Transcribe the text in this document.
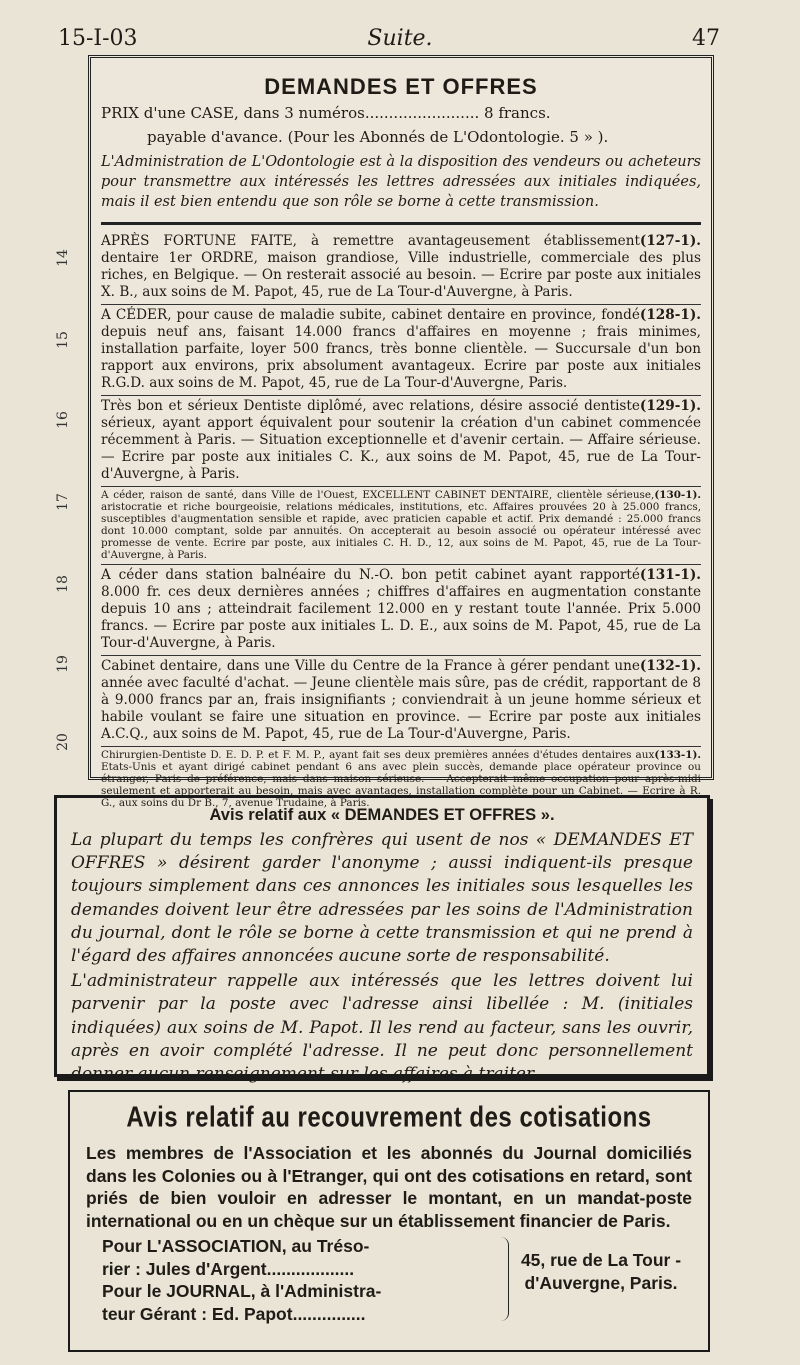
15-I-03	Suite.	47
14
15
16
17
18
19
20
DEMANDES ET OFFRES
PRIX d'une CASE, dans 3 numéros........................ 8 francs.
payable d'avance. (Pour les Abonnés de L'Odontologie. 5 » ).
L'Administration de L'Odontologie est à la disposition des vendeurs ou acheteurs pour transmettre aux intéressés les lettres adressées aux initiales indiquées, mais il est bien entendu que son rôle se borne à cette transmission.
(127-1).
APRÈS FORTUNE FAITE, à remettre avantageusement établissement dentaire 1er ORDRE, maison grandiose, Ville industrielle, commerciale des plus riches, en Belgique. — On resterait associé au besoin. — Ecrire par poste aux initiales X. B., aux soins de M. Papot, 45, rue de La Tour-d'Auvergne, à Paris.
(128-1).
A CÉDER, pour cause de maladie subite, cabinet dentaire en province, fondé depuis neuf ans, faisant 14.000 francs d'affaires en moyenne ; frais minimes, installation parfaite, loyer 500 francs, très bonne clientèle. — Succursale d'un bon rapport aux environs, prix absolument avantageux. Ecrire par poste aux initiales R.G.D. aux soins de M. Papot, 45, rue de La Tour-d'Auvergne, Paris.
(129-1).
Très bon et sérieux Dentiste diplômé, avec relations, désire associé dentiste sérieux, ayant apport équivalent pour soutenir la création d'un cabinet commencée récemment à Paris. — Situation exceptionnelle et d'avenir certain. — Affaire sérieuse. — Ecrire par poste aux initiales C. K., aux soins de M. Papot, 45, rue de La Tour-d'Auvergne, à Paris.
(130-1).
A céder, raison de santé, dans Ville de l'Ouest, EXCELLENT CABINET DENTAIRE, clientèle sérieuse, aristocratie et riche bourgeoisie, relations médicales, institutions, etc. Affaires prouvées 20 à 25.000 francs, susceptibles d'augmentation sensible et rapide, avec praticien capable et actif. Prix demandé : 25.000 francs dont 10.000 comptant, solde par annuités. On accepterait au besoin associé ou opérateur intéressé avec promesse de vente. Ecrire par poste, aux initiales C. H. D., 12, aux soins de M. Papot, 45, rue de La Tour-d'Auvergne, à Paris.
(131-1).
A céder dans station balnéaire du N.-O. bon petit cabinet ayant rapporté 8.000 fr. ces deux dernières années ; chiffres d'affaires en augmentation constante depuis 10 ans ; atteindrait facilement 12.000 en y restant toute l'année. Prix 5.000 francs. — Ecrire par poste aux initiales L. D. E., aux soins de M. Papot, 45, rue de La Tour-d'Auvergne, à Paris.
(132-1).
Cabinet dentaire, dans une Ville du Centre de la France à gérer pendant une année avec faculté d'achat. — Jeune clientèle mais sûre, pas de crédit, rapportant de 8 à 9.000 francs par an, frais insignifiants ; conviendrait à un jeune homme sérieux et habile voulant se faire une situation en province. — Ecrire par poste aux initiales A.C.Q., aux soins de M. Papot, 45, rue de La Tour-d'Auvergne, Paris.
(133-1).
Chirurgien-Dentiste D. E. D. P. et F. M. P., ayant fait ses deux premières années d'études dentaires aux Etats-Unis et ayant dirigé cabinet pendant 6 ans avec plein succès, demande place opérateur province ou étranger, Paris de préférence, mais dans maison sérieuse. — Accepterait même occupation pour après-midi seulement et apporterait au besoin, mais avec avantages, installation complète pour un Cabinet. — Ecrire à R. G., aux soins du Dr B., 7, avenue Trudaine, à Paris.
Avis relatif aux « DEMANDES ET OFFRES ».

La plupart du temps les confrères qui usent de nos « DEMANDES ET OFFRES » désirent garder l'anonyme ; aussi indiquent-ils presque toujours simplement dans ces annonces les initiales sous lesquelles les demandes doivent leur être adressées par les soins de l'Administration du journal, dont le rôle se borne à cette transmission et qui ne prend à l'égard des affaires annoncées aucune sorte de responsabilité.

L'administrateur rappelle aux intéressés que les lettres doivent lui parvenir par la poste avec l'adresse ainsi libellée : M. (initiales indiquées) aux soins de M. Papot. Il les rend au facteur, sans les ouvrir, après en avoir complété l'adresse. Il ne peut donc personnellement donner aucun renseignement sur les affaires à traiter.

Avis relatif au recouvrement des cotisations

Les membres de l'Association et les abonnés du Journal domiciliés dans les Colonies ou à l'Etranger, qui ont des cotisations en retard, sont priés de bien vouloir en adresser le montant, en un mandat-poste international ou en un chèque sur un établissement financier de Paris.

Pour L'ASSOCIATION, au Tréso-
rier : Jules d'Argent..................
Pour le JOURNAL, à l'Administra-
teur Gérant : Ed. Papot...............
45, rue de La Tour - d'Auvergne, Paris.
